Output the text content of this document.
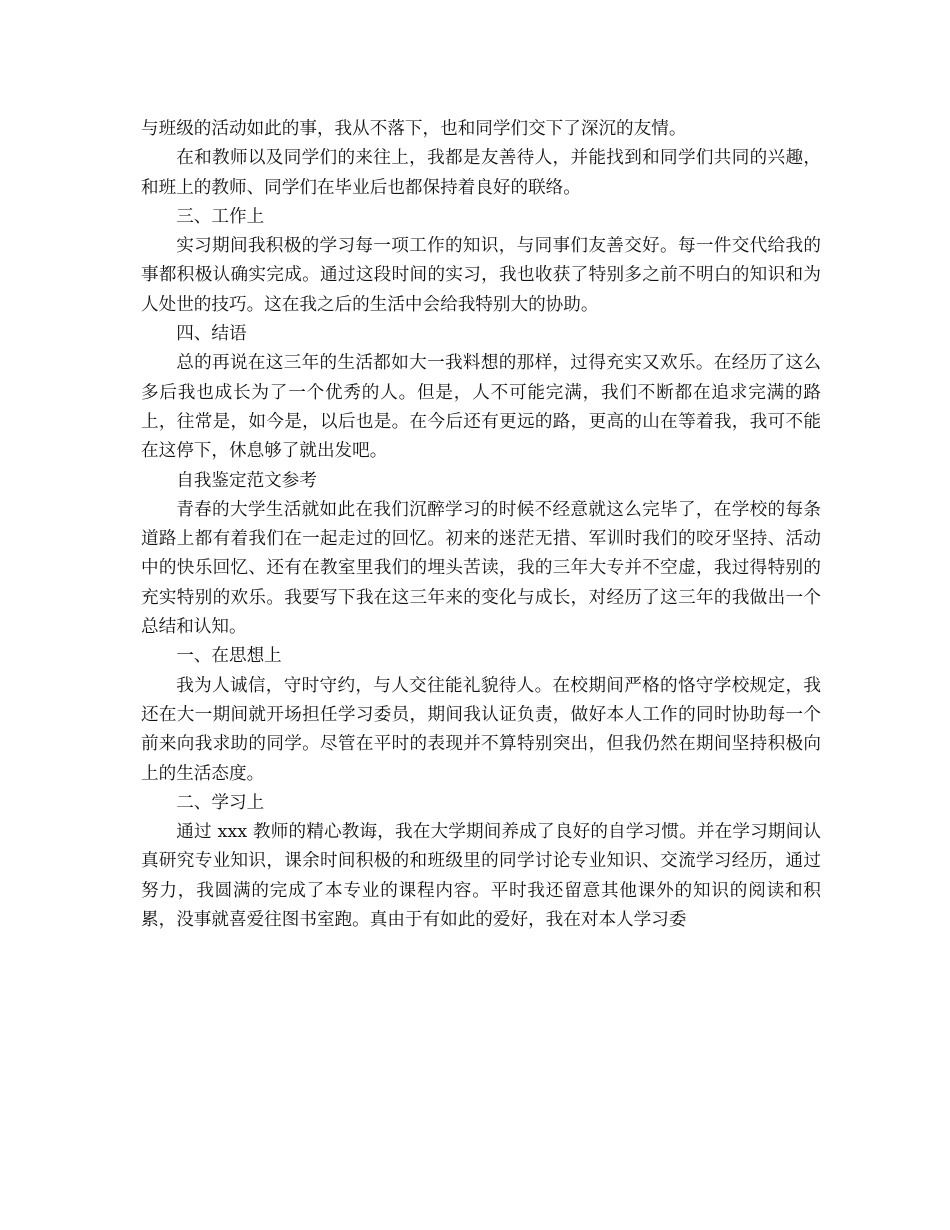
与班级的活动如此的事，我从不落下，也和同学们交下了深沉的友情。

在和教师以及同学们的来往上，我都是友善待人，并能找到和同学们共同的兴趣，和班上的教师、同学们在毕业后也都保持着良好的联络。

三、工作上

实习期间我积极的学习每一项工作的知识，与同事们友善交好。每一件交代给我的事都积极认确实完成。通过这段时间的实习，我也收获了特别多之前不明白的知识和为人处世的技巧。这在我之后的生活中会给我特别大的协助。

四、结语

总的再说在这三年的生活都如大一我料想的那样，过得充实又欢乐。在经历了这么多后我也成长为了一个优秀的人。但是，人不可能完满，我们不断都在追求完满的路上，往常是，如今是，以后也是。在今后还有更远的路，更高的山在等着我，我可不能在这停下，休息够了就出发吧。

自我鉴定范文参考

青春的大学生活就如此在我们沉醉学习的时候不经意就这么完毕了，在学校的每条道路上都有着我们在一起走过的回忆。初来的迷茫无措、军训时我们的咬牙坚持、活动中的快乐回忆、还有在教室里我们的埋头苦读，我的三年大专并不空虚，我过得特别的充实特别的欢乐。我要写下我在这三年来的变化与成长，对经历了这三年的我做出一个总结和认知。

一、在思想上

我为人诚信，守时守约，与人交往能礼貌待人。在校期间严格的恪守学校规定，我还在大一期间就开场担任学习委员，期间我认证负责，做好本人工作的同时协助每一个前来向我求助的同学。尽管在平时的表现并不算特别突出，但我仍然在期间坚持积极向上的生活态度。

二、学习上

通过 xxx 教师的精心教诲，我在大学期间养成了良好的自学习惯。并在学习期间认真研究专业知识，课余时间积极的和班级里的同学讨论专业知识、交流学习经历，通过努力，我圆满的完成了本专业的课程内容。平时我还留意其他课外的知识的阅读和积累，没事就喜爱往图书室跑。真由于有如此的爱好，我在对本人学习委
